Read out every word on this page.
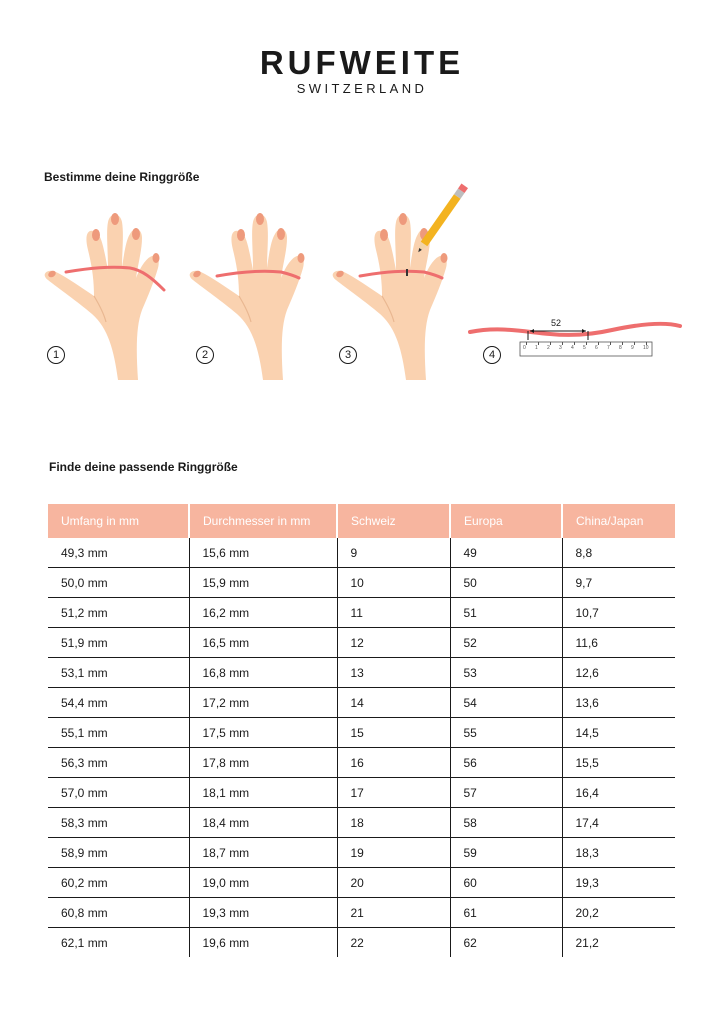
RUFWEITE
SWITZERLAND
Bestimme deine Ringgröße
1	2	3	4
52
0 1 2 3 4 5 6 7 8 9 10
Finde deine passende Ringgröße
Umfang in mm	Durchmesser in mm	Schweiz	Europa	China/Japan
49,3 mm	15,6 mm	9	49	8,8
50,0 mm	15,9 mm	10	50	9,7
51,2 mm	16,2 mm	11	51	10,7
51,9 mm	16,5 mm	12	52	11,6
53,1 mm	16,8 mm	13	53	12,6
54,4 mm	17,2 mm	14	54	13,6
55,1 mm	17,5 mm	15	55	14,5
56,3 mm	17,8 mm	16	56	15,5
57,0 mm	18,1 mm	17	57	16,4
58,3 mm	18,4 mm	18	58	17,4
58,9 mm	18,7 mm	19	59	18,3
60,2 mm	19,0 mm	20	60	19,3
60,8 mm	19,3 mm	21	61	20,2
62,1 mm	19,6 mm	22	62	21,2
